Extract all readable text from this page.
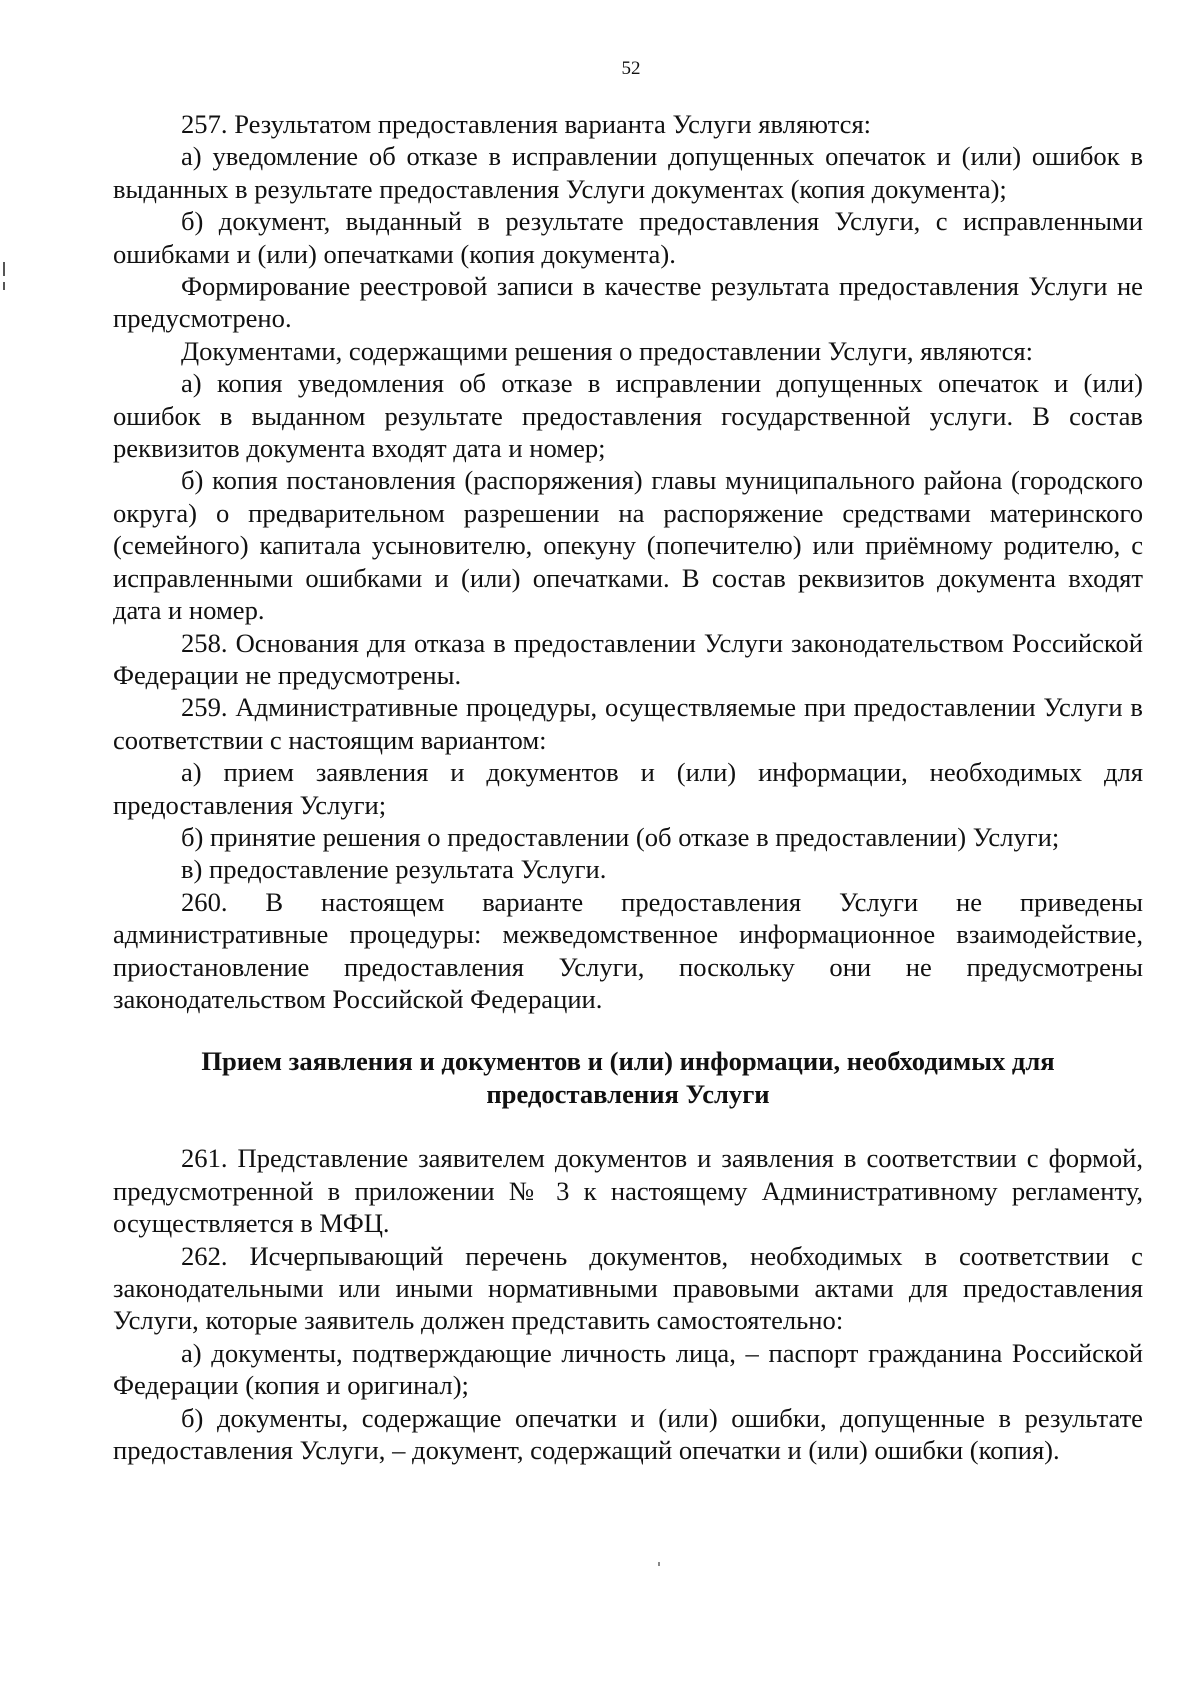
52

257. Результатом предоставления варианта Услуги являются:

а) уведомление об отказе в исправлении допущенных опечаток и (или) ошибок в выданных в результате предоставления Услуги документах (копия документа);

б) документ, выданный в результате предоставления Услуги, с исправленными ошибками и (или) опечатками (копия документа).

Формирование реестровой записи в качестве результата предоставления Услуги не предусмотрено.

Документами, содержащими решения о предоставлении Услуги, являются:

а) копия уведомления об отказе в исправлении допущенных опечаток и (или) ошибок в выданном результате предоставления государственной услуги. В состав реквизитов документа входят дата и номер;

б) копия постановления (распоряжения) главы муниципального района (городского округа) о предварительном разрешении на распоряжение средствами материнского (семейного) капитала усыновителю, опекуну (попечителю) или приёмному родителю, с исправленными ошибками и (или) опечатками. В состав реквизитов документа входят дата и номер.

258. Основания для отказа в предоставлении Услуги законодательством Российской Федерации не предусмотрены.

259. Административные процедуры, осуществляемые при предоставлении Услуги в соответствии с настоящим вариантом:

а) прием заявления и документов и (или) информации, необходимых для предоставления Услуги;

б) принятие решения о предоставлении (об отказе в предоставлении) Услуги;

в) предоставление результата Услуги.

260. В настоящем варианте предоставления Услуги не приведены административные процедуры: межведомственное информационное взаимодействие, приостановление предоставления Услуги, поскольку они не предусмотрены законодательством Российской Федерации.

Прием заявления и документов и (или) информации, необходимых для
предоставления Услуги

261. Представление заявителем документов и заявления в соответствии с формой, предусмотренной в приложении № 3 к настоящему Административному регламенту, осуществляется в МФЦ.

262. Исчерпывающий перечень документов, необходимых в соответствии с законодательными или иными нормативными правовыми актами для предоставления Услуги, которые заявитель должен представить самостоятельно:

а) документы, подтверждающие личность лица, – паспорт гражданина Российской Федерации (копия и оригинал);

б) документы, содержащие опечатки и (или) ошибки, допущенные в результате предоставления Услуги, – документ, содержащий опечатки и (или) ошибки (копия).
